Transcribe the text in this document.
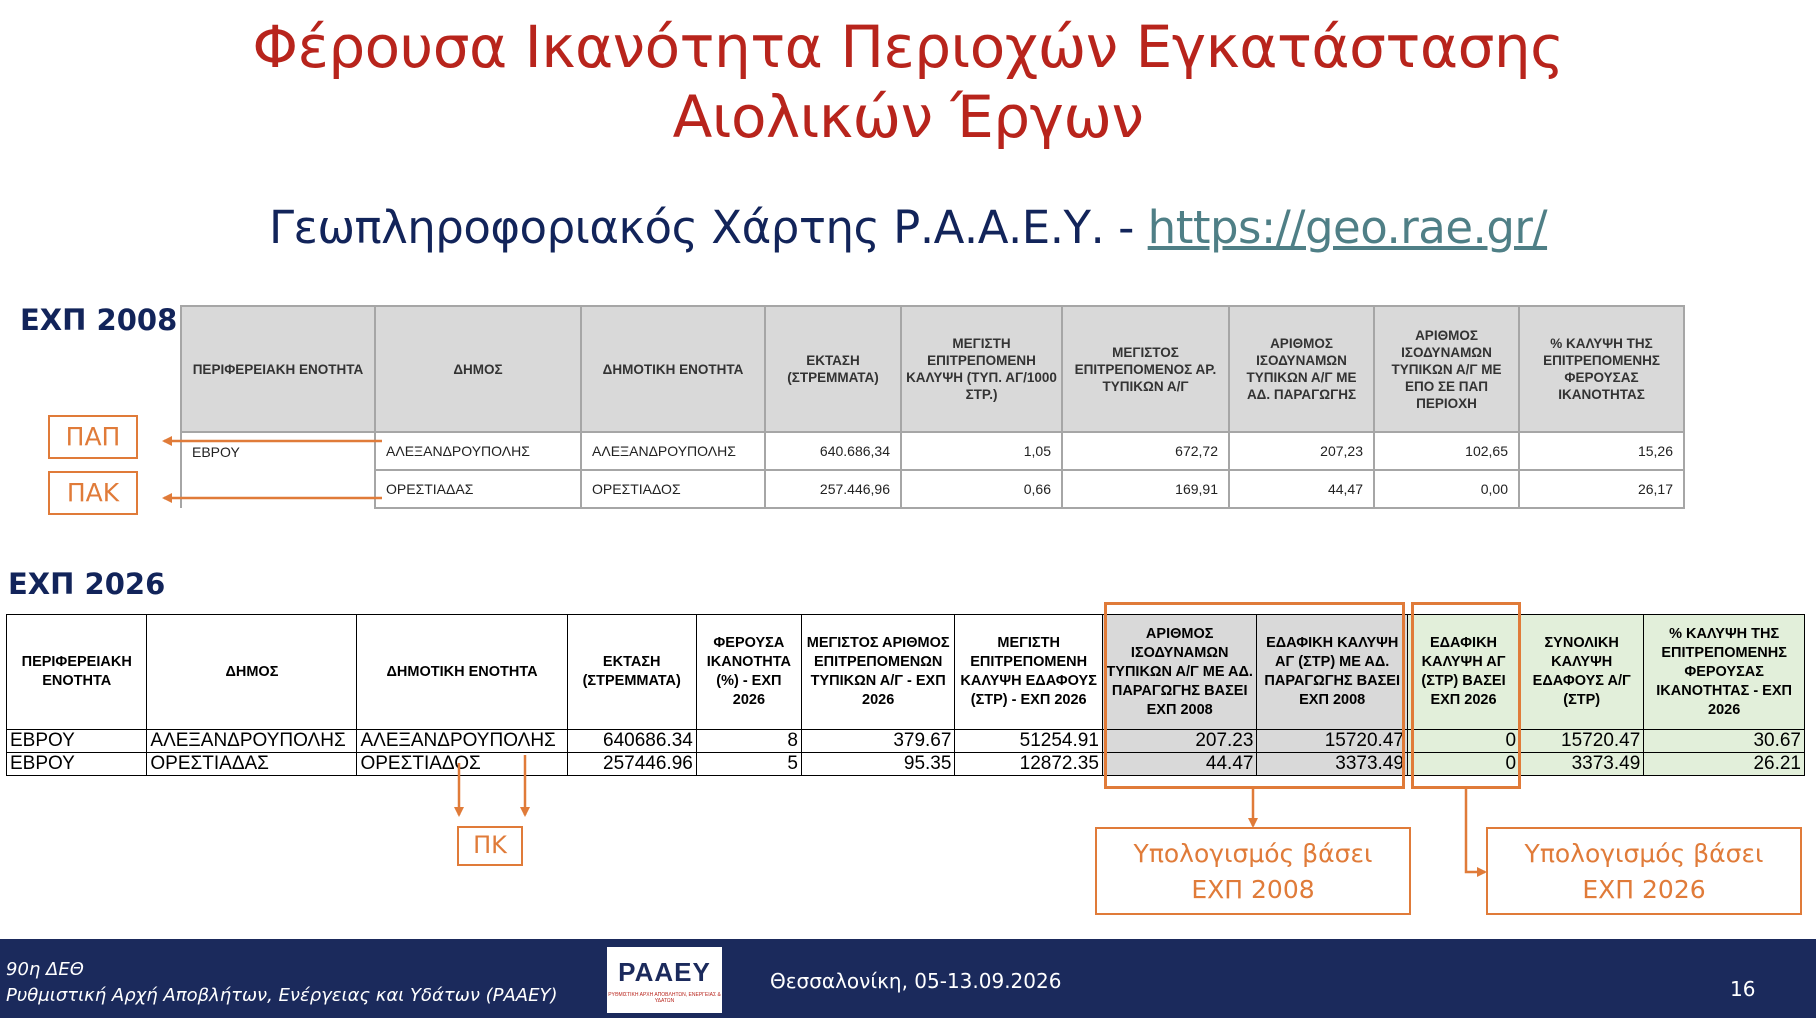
Φέρουσα Ικανότητα Περιοχών Εγκατάστασης
Αιολικών Έργων
Γεωπληροφοριακός Χάρτης Ρ.Α.Α.Ε.Υ. - https://geo.rae.gr/
ΕΧΠ 2008
ΠΕΡΙΦΕΡΕΙΑΚΗ ΕΝΟΤΗΤΑ	ΔΗΜΟΣ	ΔΗΜΟΤΙΚΗ ΕΝΟΤΗΤΑ	ΕΚΤΑΣΗ (ΣΤΡΕΜΜΑΤΑ)	ΜΕΓΙΣΤΗ ΕΠΙΤΡΕΠΟΜΕΝΗ ΚΑΛΥΨΗ (ΤΥΠ. ΑΓ/1000 ΣΤΡ.)	ΜΕΓΙΣΤΟΣ ΕΠΙΤΡΕΠΟΜΕΝΟΣ ΑΡ. ΤΥΠΙΚΩΝ Α/Γ	ΑΡΙΘΜΟΣ ΙΣΟΔΥΝΑΜΩΝ ΤΥΠΙΚΩΝ Α/Γ ΜΕ ΑΔ. ΠΑΡΑΓΩΓΗΣ	ΑΡΙΘΜΟΣ ΙΣΟΔΥΝΑΜΩΝ ΤΥΠΙΚΩΝ Α/Γ ΜΕ ΕΠΟ ΣΕ ΠΑΠ ΠΕΡΙΟΧΗ	% ΚΑΛΥΨΗ ΤΗΣ ΕΠΙΤΡΕΠΟΜΕΝΗΣ ΦΕΡΟΥΣΑΣ ΙΚΑΝΟΤΗΤΑΣ
ΕΒΡΟΥ	ΑΛΕΞΑΝΔΡΟΥΠΟΛΗΣ	ΑΛΕΞΑΝΔΡΟΥΠΟΛΗΣ	640.686,34	1,05	672,72	207,23	102,65	15,26
	ΟΡΕΣΤΙΑΔΑΣ	ΟΡΕΣΤΙΑΔΟΣ	257.446,96	0,66	169,91	44,47	0,00	26,17
ΠΑΠ
ΠΑΚ
ΕΧΠ 2026
ΠΕΡΙΦΕΡΕΙΑΚΗ ΕΝΟΤΗΤΑ	ΔΗΜΟΣ	ΔΗΜΟΤΙΚΗ ΕΝΟΤΗΤΑ	ΕΚΤΑΣΗ (ΣΤΡΕΜΜΑΤΑ)	ΦΕΡΟΥΣΑ ΙΚΑΝΟΤΗΤΑ (%) - ΕΧΠ 2026	ΜΕΓΙΣΤΟΣ ΑΡΙΘΜΟΣ ΕΠΙΤΡΕΠΟΜΕΝΩΝ ΤΥΠΙΚΩΝ Α/Γ - ΕΧΠ 2026	ΜΕΓΙΣΤΗ ΕΠΙΤΡΕΠΟΜΕΝΗ ΚΑΛΥΨΗ ΕΔΑΦΟΥΣ (ΣΤΡ) - ΕΧΠ 2026	ΑΡΙΘΜΟΣ ΙΣΟΔΥΝΑΜΩΝ ΤΥΠΙΚΩΝ Α/Γ ΜΕ ΑΔ. ΠΑΡΑΓΩΓΗΣ ΒΑΣΕΙ ΕΧΠ 2008	ΕΔΑΦΙΚΗ ΚΑΛΥΨΗ ΑΓ (ΣΤΡ) ΜΕ ΑΔ. ΠΑΡΑΓΩΓΗΣ ΒΑΣΕΙ ΕΧΠ 2008	ΕΔΑΦΙΚΗ ΚΑΛΥΨΗ ΑΓ (ΣΤΡ) ΒΑΣΕΙ ΕΧΠ 2026	ΣΥΝΟΛΙΚΗ ΚΑΛΥΨΗ ΕΔΑΦΟΥΣ Α/Γ (ΣΤΡ)	% ΚΑΛΥΨΗ ΤΗΣ ΕΠΙΤΡΕΠΟΜΕΝΗΣ ΦΕΡΟΥΣΑΣ ΙΚΑΝΟΤΗΤΑΣ - ΕΧΠ 2026
ΕΒΡΟΥ	ΑΛΕΞΑΝΔΡΟΥΠΟΛΗΣ	ΑΛΕΞΑΝΔΡΟΥΠΟΛΗΣ	640686.34	8	379.67	51254.91	207.23	15720.47	0	15720.47	30.67
ΕΒΡΟΥ	ΟΡΕΣΤΙΑΔΑΣ	ΟΡΕΣΤΙΑΔΟΣ	257446.96	5	95.35	12872.35	44.47	3373.49	0	3373.49	26.21
ΠΚ	Υπολογισμός βάσει
ΕΧΠ 2008
Υπολογισμός βάσει
ΕΧΠ 2026
90η ΔΕΘ
Ρυθμιστική Αρχή Αποβλήτων, Ενέργειας και Υδάτων (ΡΑΑΕΥ)
ΡΑΑΕΥ
ΡΥΘΜΙΣΤΙΚΗ ΑΡΧΗ ΑΠΟΒΛΗΤΩΝ, ΕΝΕΡΓΕΙΑΣ & ΥΔΑΤΩΝ
Θεσσαλονίκη, 05-13.09.2026	16
